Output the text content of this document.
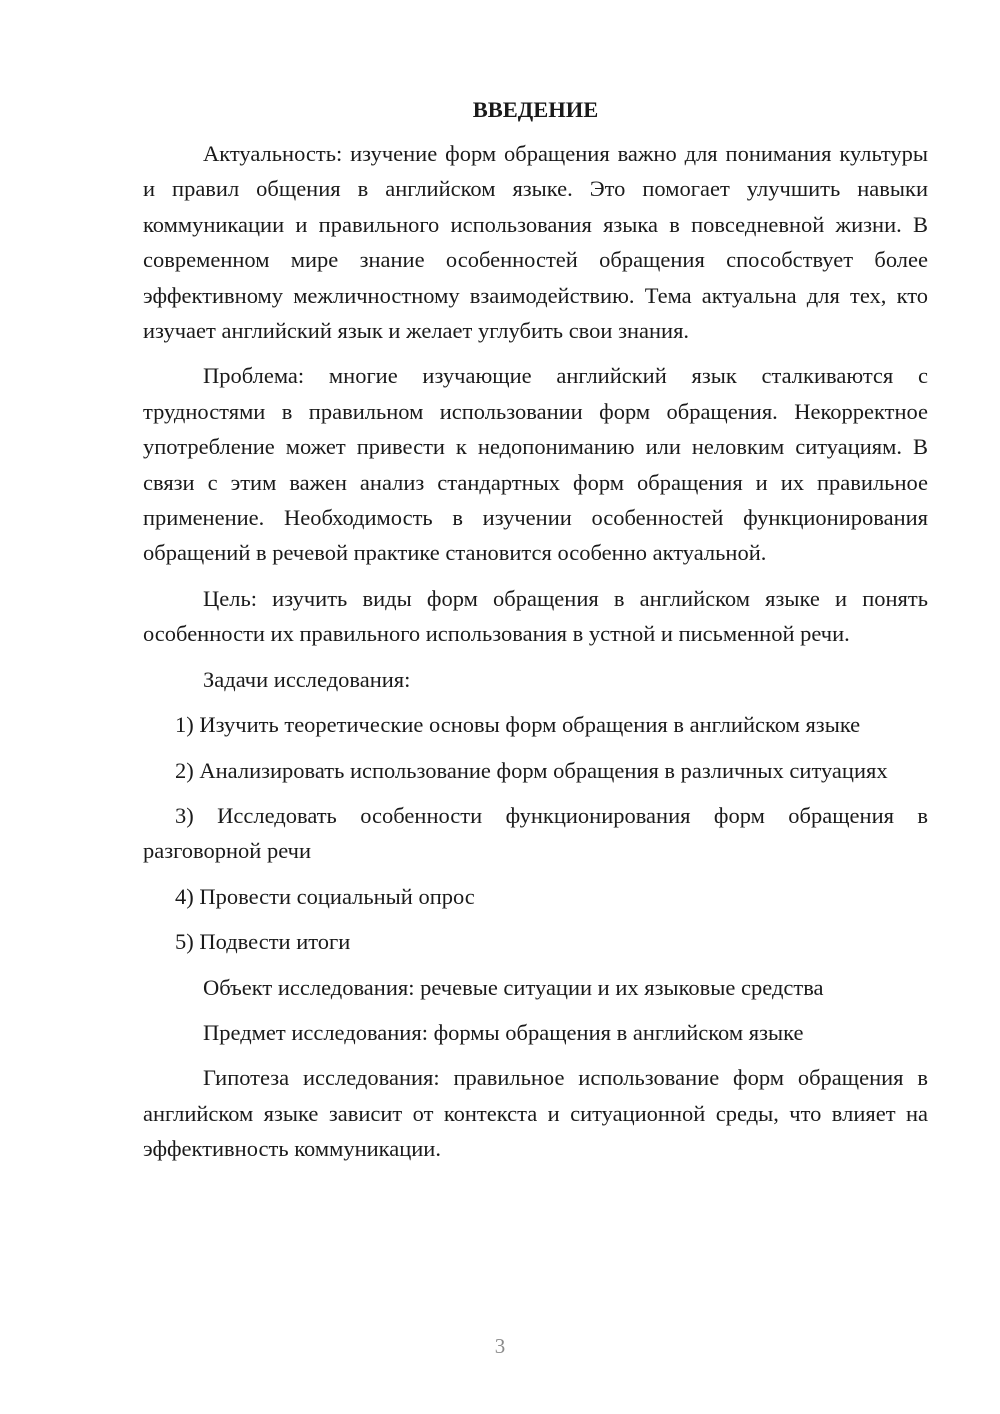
ВВЕДЕНИЕ
Актуальность: изучение форм обращения важно для понимания культуры и правил общения в английском языке. Это помогает улучшить навыки коммуникации и правильного использования языка в повседневной жизни. В современном мире знание особенностей обращения способствует более эффективному межличностному взаимодействию. Тема актуальна для тех, кто изучает английский язык и желает углубить свои знания.
Проблема: многие изучающие английский язык сталкиваются с трудностями в правильном использовании форм обращения. Некорректное употребление может привести к недопониманию или неловким ситуациям. В связи с этим важен анализ стандартных форм обращения и их правильное применение. Необходимость в изучении особенностей функционирования обращений в речевой практике становится особенно актуальной.
Цель: изучить виды форм обращения в английском языке и понять особенности их правильного использования в устной и письменной речи.
Задачи исследования:
1) Изучить теоретические основы форм обращения в английском языке
2) Анализировать использование форм обращения в различных ситуациях
3) Исследовать особенности функционирования форм обращения в разговорной речи
4) Провести социальный опрос
5) Подвести итоги
Объект исследования: речевые ситуации и их языковые средства
Предмет исследования: формы обращения в английском языке
Гипотеза исследования: правильное использование форм обращения в английском языке зависит от контекста и ситуационной среды, что влияет на эффективность коммуникации.
3
